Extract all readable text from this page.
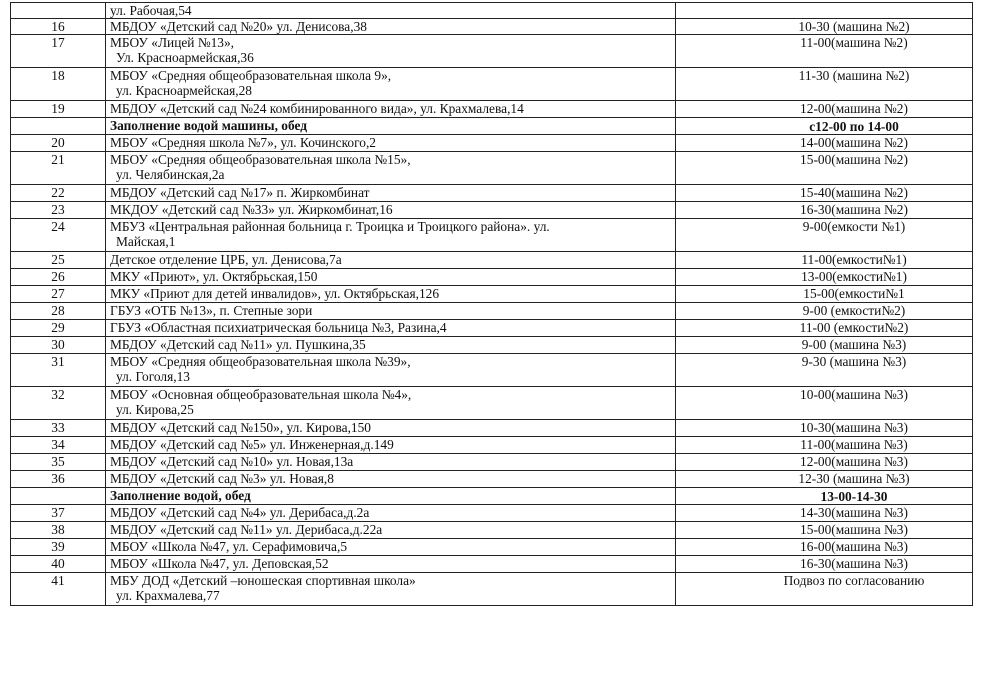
	ул. Рабочая,54	

16	МБДОУ «Детский сад №20» ул. Денисова,38	10-30 (машина №2)
17	МБОУ «Лицей №13»,
Ул. Красноармейская,36	11-00(машина №2)
18	МБОУ «Средняя общеобразовательная школа 9»,
ул. Красноармейская,28	11-30 (машина №2)
19	МБДОУ «Детский сад №24 комбинированного вида», ул. Крахмалева,14	12-00(машина №2)

	Заполнение водой машины, обед	с12-00 по 14-00
20	МБОУ «Средняя школа №7», ул. Кочинского,2	14-00(машина №2)
21	МБОУ «Средняя общеобразовательная школа №15»,
ул. Челябинская,2а	15-00(машина №2)
22	МБДОУ «Детский сад №17» п. Жиркомбинат	15-40(машина №2)
23	МКДОУ «Детский сад №33» ул. Жиркомбинат,16	16-30(машина №2)
24	МБУЗ «Центральная районная больница г. Троицка и Троицкого района». ул.
Майская,1	9-00(емкости №1)
25	Детское отделение ЦРБ, ул. Денисова,7а	11-00(емкости№1)
26	МКУ «Приют», ул. Октябрьская,150	13-00(емкости№1)
27	МКУ «Приют для детей инвалидов», ул. Октябрьская,126	15-00(емкости№1
28	ГБУЗ «ОТБ №13», п. Степные зори	9-00 (емкости№2)
29	ГБУЗ «Областная психиатрическая больница №3, Разина,4	11-00 (емкости№2)
30	МБДОУ «Детский сад №11» ул. Пушкина,35	9-00 (машина №3)
31	МБОУ «Средняя общеобразовательная школа №39»,
ул. Гоголя,13	9-30 (машина №3)
32	МБОУ «Основная общеобразовательная школа №4»,
ул. Кирова,25	10-00(машина №3)
33	МБДОУ «Детский сад №150», ул. Кирова,150	10-30(машина №3)
34	МБДОУ «Детский сад №5» ул. Инженерная,д.149	11-00(машина №3)
35	МБДОУ «Детский сад №10» ул. Новая,13а	12-00(машина №3)
36	МБДОУ «Детский сад №3» ул. Новая,8	12-30 (машина №3)

	Заполнение водой, обед	13-00-14-30
37	МБДОУ «Детский сад №4» ул. Дерибаса,д.2а	14-30(машина №3)
38	МБДОУ «Детский сад №11» ул. Дерибаса,д.22а	15-00(машина №3)
39	МБОУ «Школа №47, ул. Серафимовича,5	16-00(машина №3)
40	МБОУ «Школа №47, ул. Деповская,52	16-30(машина №3)
41	МБУ ДОД «Детский –юношеская спортивная школа»
ул. Крахмалева,77	Подвоз по согласованию
